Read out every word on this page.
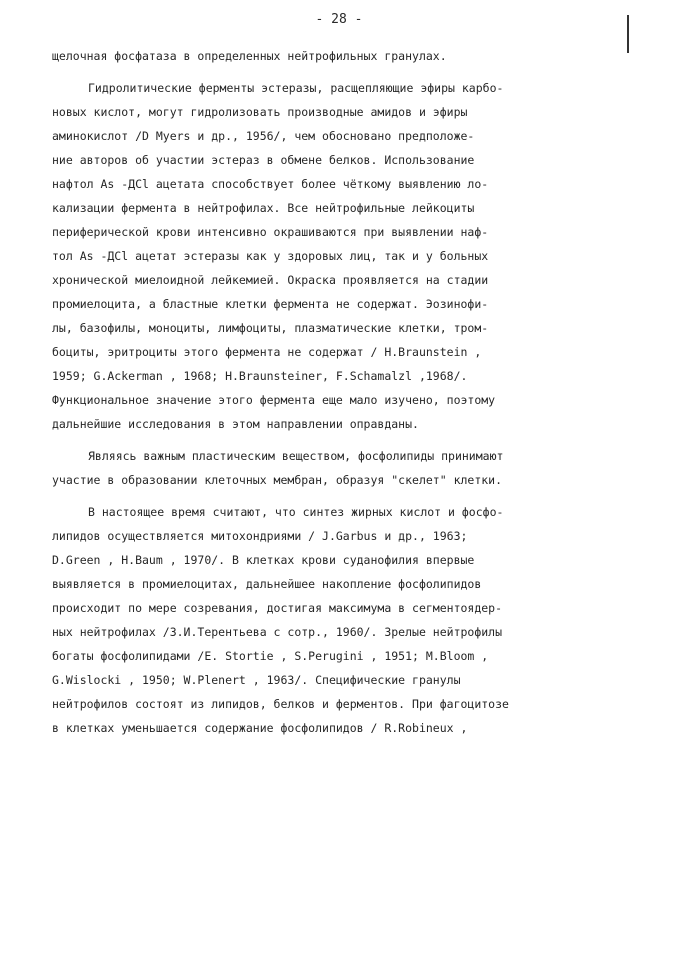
- 28 -

щелочная фосфатаза в определенных нейтрофильных гранулах.

Гидролитические ферменты эстеразы, расщепляющие эфиры карбо-

новых кислот, могут гидролизовать производные амидов и эфиры

аминокислот /D Myers и др., 1956/, чем обосновано предположе-

ние авторов об участии эстераз в обмене белков. Использование

нафтол As -ДСl ацетата способствует более чёткому выявлению ло-

кализации фермента в нейтрофилах. Все нейтрофильные лейкоциты

периферической крови интенсивно окрашиваются при выявлении наф-

тол As -ДСl ацетат эстеразы как у здоровых лиц, так и у больных

хронической миелоидной лейкемией. Окраска проявляется на стадии

промиелоцита, а бластные клетки фермента не содержат. Эозинофи-

лы, базофилы, моноциты, лимфоциты, плазматические клетки, тром-

боциты, эритроциты этого фермента не содержат / H.Braunstein ,

1959; G.Ackerman , 1968; H.Braunsteiner, F.Schamalzl ,1968/.

Функциональное значение этого фермента еще мало изучено, поэтому

дальнейшие исследования в этом направлении оправданы.

Являясь важным пластическим веществом, фосфолипиды принимают

участие в образовании клеточных мембран, образуя "скелет" клетки.

В настоящее время считают, что синтез жирных кислот и фосфо-

липидов осуществляется митохондриями / J.Garbus и др., 1963;

D.Green , H.Baum , 1970/. В клетках крови суданофилия впервые

выявляется в промиелоцитах, дальнейшее накопление фосфолипидов

происходит по мере созревания, достигая максимума в сегментоядер-

ных нейтрофилах /З.И.Терентьева с сотр., 1960/. Зрелые нейтрофилы

богаты фосфолипидами /E. Stortie , S.Perugini , 1951; M.Bloom ,

G.Wislocki , 1950; W.Plenert , 1963/. Специфические гранулы

нейтрофилов состоят из липидов, белков и ферментов. При фагоцитозе

в клетках уменьшается содержание фосфолипидов / R.Robineux ,
